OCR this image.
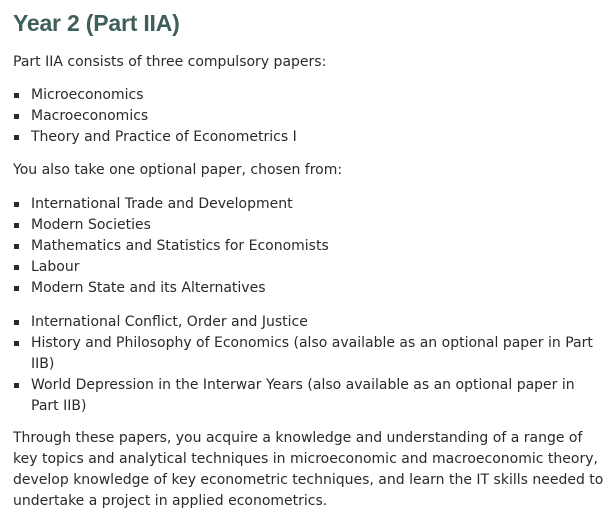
Year 2 (Part IIA)

Part IIA consists of three compulsory papers:

Microeconomics
Macroeconomics
Theory and Practice of Econometrics I

You also take one optional paper, chosen from:

International Trade and Development
Modern Societies
Mathematics and Statistics for Economists
Labour
Modern State and its Alternatives
International Conflict, Order and Justice
History and Philosophy of Economics (also available as an optional paper in Part IIB)
World Depression in the Interwar Years (also available as an optional paper in Part IIB)

Through these papers, you acquire a knowledge and understanding of a range of key topics and analytical techniques in microeconomic and macroeconomic theory, develop knowledge of key econometric techniques, and learn the IT skills needed to undertake a project in applied econometrics.
